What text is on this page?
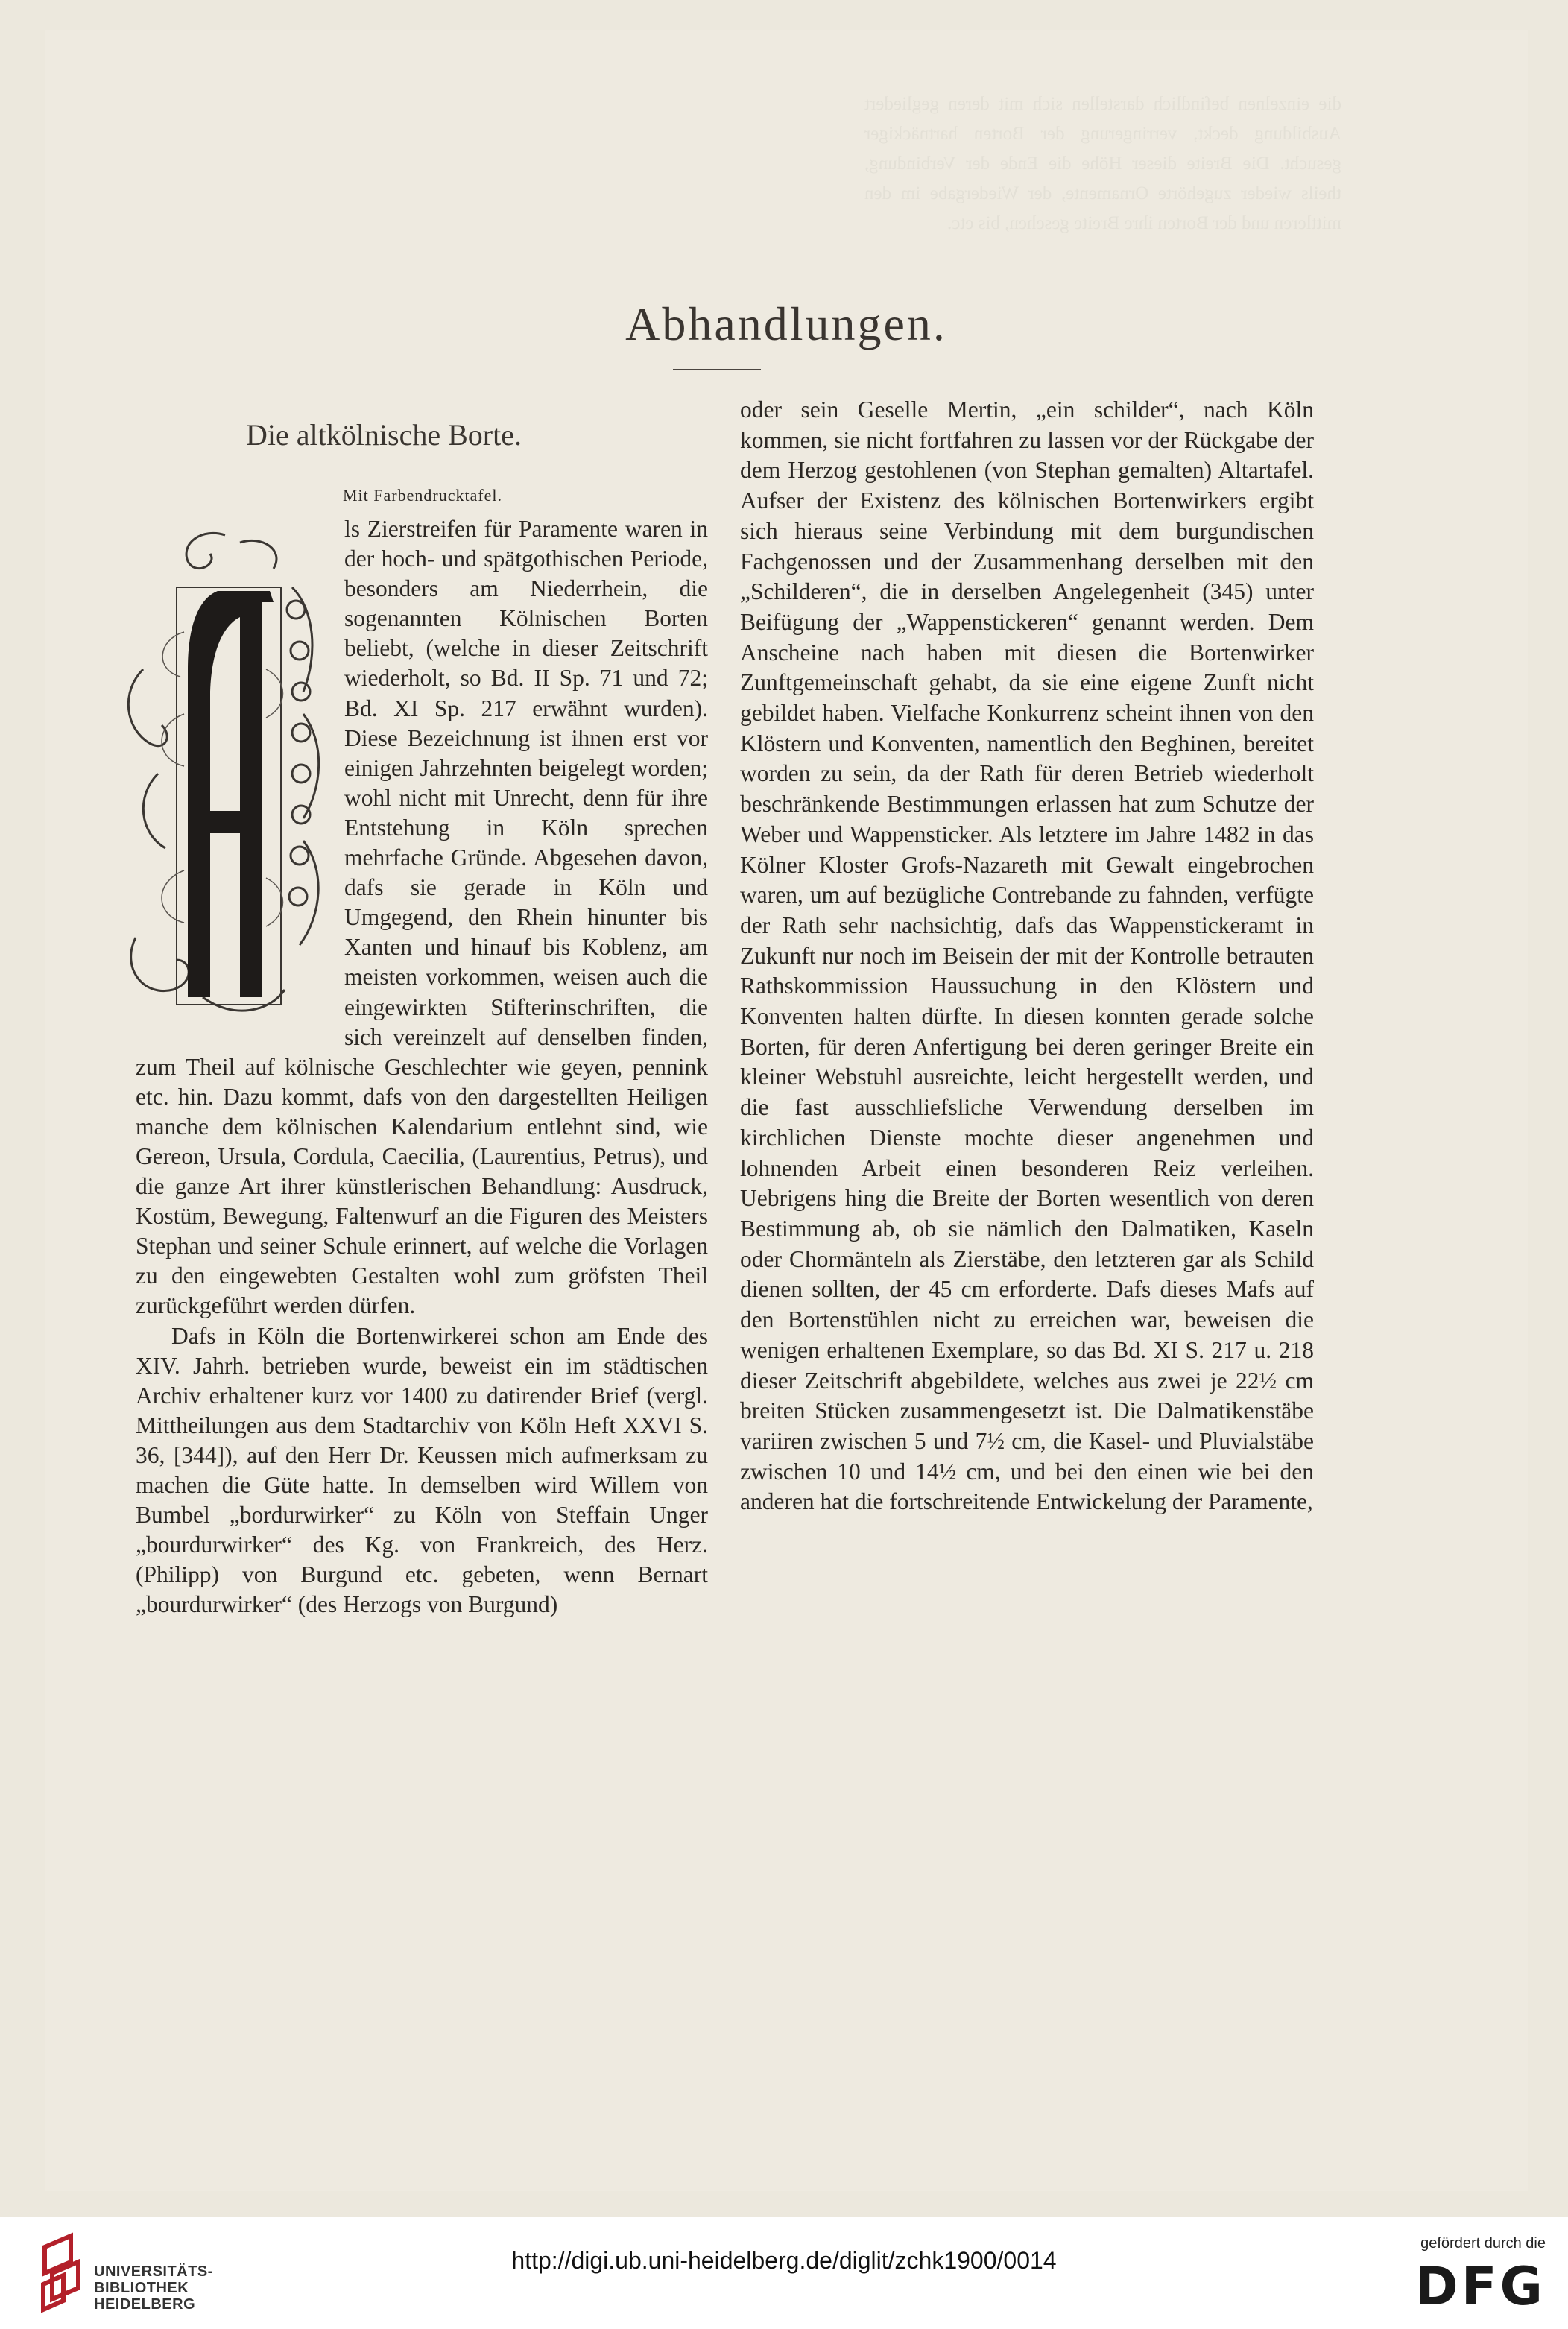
die einzelnen befindlich darstellen sich mit deren gegliedert Ausbildung deckt, verringerung der Borten hartnäckiger gesucht. Die Breite dieser Höhe die Ende der Verbindung, theils wieder zugehörte Ornamente, der Wiedergabe im den mittleren und der Borten ihre Breite gesehen, bis etc.

Abhandlungen.
Die altkölnische Borte.
Mit Farbendrucktafel.

ls Zierstreifen für Paramente waren in der hoch- und spätgothischen Periode, besonders am Niederrhein, die sogenannten Kölnischen Borten beliebt, (welche in dieser Zeitschrift wiederholt, so Bd. II Sp. 71 und 72; Bd. XI Sp. 217 erwähnt wurden). Diese Bezeichnung ist ihnen erst vor einigen Jahrzehnten beigelegt worden; wohl nicht mit Unrecht, denn für ihre Entstehung in Köln sprechen mehrfache Gründe. Abgesehen davon, dafs sie gerade in Köln und Umgegend, den Rhein hinunter bis Xanten und hinauf bis Koblenz, am meisten vorkommen, weisen auch die eingewirkten Stifterinschriften, die sich vereinzelt auf denselben finden, zum Theil auf kölnische Geschlechter wie geyen, pennink etc. hin. Dazu kommt, dafs von den dargestellten Heiligen manche dem kölnischen Kalendarium entlehnt sind, wie Gereon, Ursula, Cordula, Caecilia, (Laurentius, Petrus), und die ganze Art ihrer künstlerischen Behandlung: Ausdruck, Kostüm, Bewegung, Faltenwurf an die Figuren des Meisters Stephan und seiner Schule erinnert, auf welche die Vorlagen zu den eingewebten Gestalten wohl zum gröfsten Theil zurückgeführt werden dürfen.

Dafs in Köln die Bortenwirkerei schon am Ende des XIV. Jahrh. betrieben wurde, beweist ein im städtischen Archiv erhaltener kurz vor 1400 zu datirender Brief (vergl. Mittheilungen aus dem Stadtarchiv von Köln Heft XXVI S. 36, [344]), auf den Herr Dr. Keussen mich aufmerksam zu machen die Güte hatte. In demselben wird Willem von Bumbel „bordurwirker“ zu Köln von Steffain Unger „bourdurwirker“ des Kg. von Frankreich, des Herz. (Philipp) von Burgund etc. gebeten, wenn Bernart „bourdurwirker“ (des Herzogs von Burgund)

oder sein Geselle Mertin, „ein schilder“, nach Köln kommen, sie nicht fortfahren zu lassen vor der Rückgabe der dem Herzog gestohlenen (von Stephan gemalten) Altartafel. Aufser der Existenz des kölnischen Bortenwirkers ergibt sich hieraus seine Verbindung mit dem burgundischen Fachgenossen und der Zusammenhang derselben mit den „Schilderen“, die in derselben Angelegenheit (345) unter Beifügung der „Wappenstickeren“ genannt werden. Dem Anscheine nach haben mit diesen die Bortenwirker Zunftgemeinschaft gehabt, da sie eine eigene Zunft nicht gebildet haben. Vielfache Konkurrenz scheint ihnen von den Klöstern und Konventen, namentlich den Beghinen, bereitet worden zu sein, da der Rath für deren Betrieb wiederholt beschränkende Bestimmungen erlassen hat zum Schutze der Weber und Wappensticker. Als letztere im Jahre 1482 in das Kölner Kloster Grofs-Nazareth mit Gewalt eingebrochen waren, um auf bezügliche Contrebande zu fahnden, verfügte der Rath sehr nachsichtig, dafs das Wappenstickeramt in Zukunft nur noch im Beisein der mit der Kontrolle betrauten Rathskommission Haussuchung in den Klöstern und Konventen halten dürfte. In diesen konnten gerade solche Borten, für deren Anfertigung bei deren geringer Breite ein kleiner Webstuhl ausreichte, leicht hergestellt werden, und die fast ausschliefsliche Verwendung derselben im kirchlichen Dienste mochte dieser angenehmen und lohnenden Arbeit einen besonderen Reiz verleihen. Uebrigens hing die Breite der Borten wesentlich von deren Bestimmung ab, ob sie nämlich den Dalmatiken, Kaseln oder Chormänteln als Zierstäbe, den letzteren gar als Schild dienen sollten, der 45 cm erforderte. Dafs dieses Mafs auf den Bortenstühlen nicht zu erreichen war, beweisen die wenigen erhaltenen Exemplare, so das Bd. XI S. 217 u. 218 dieser Zeitschrift abgebildete, welches aus zwei je 22½ cm breiten Stücken zusammengesetzt ist. Die Dalmatikenstäbe variiren zwischen 5 und 7½ cm, die Kasel- und Pluvialstäbe zwischen 10 und 14½ cm, und bei den einen wie bei den anderen hat die fortschreitende Entwickelung der Paramente,

UNIVERSITÄTS-
BIBLIOTHEK
HEIDELBERG
http://digi.ub.uni-heidelberg.de/diglit/zchk1900/0014
gefördert durch die
DFG
